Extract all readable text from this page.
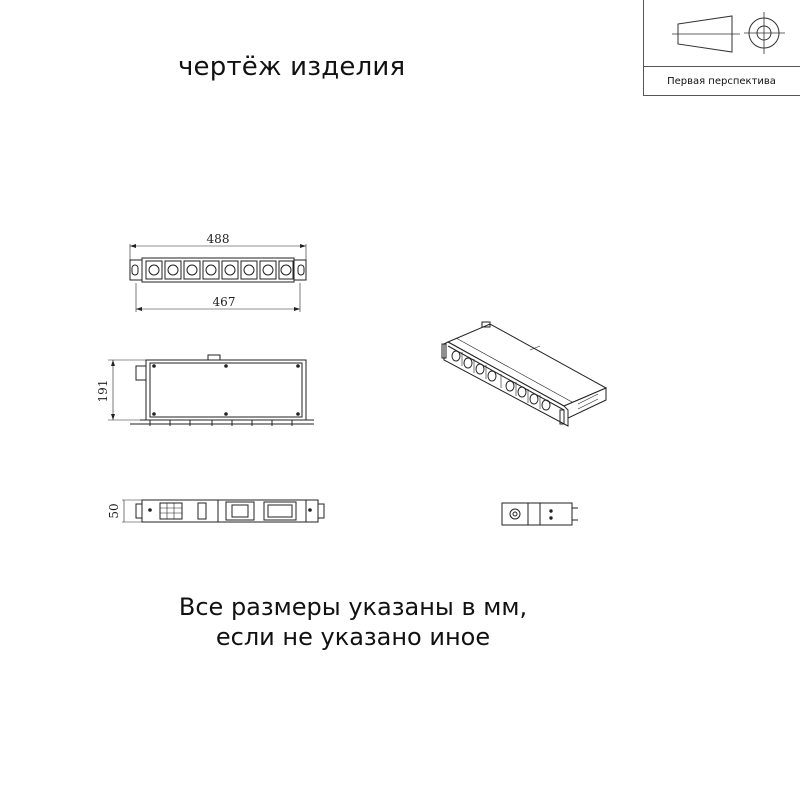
чертёж изделия	Первая перспектива
488
467
191
50
Все размеры указаны в мм,
если не указано иное
